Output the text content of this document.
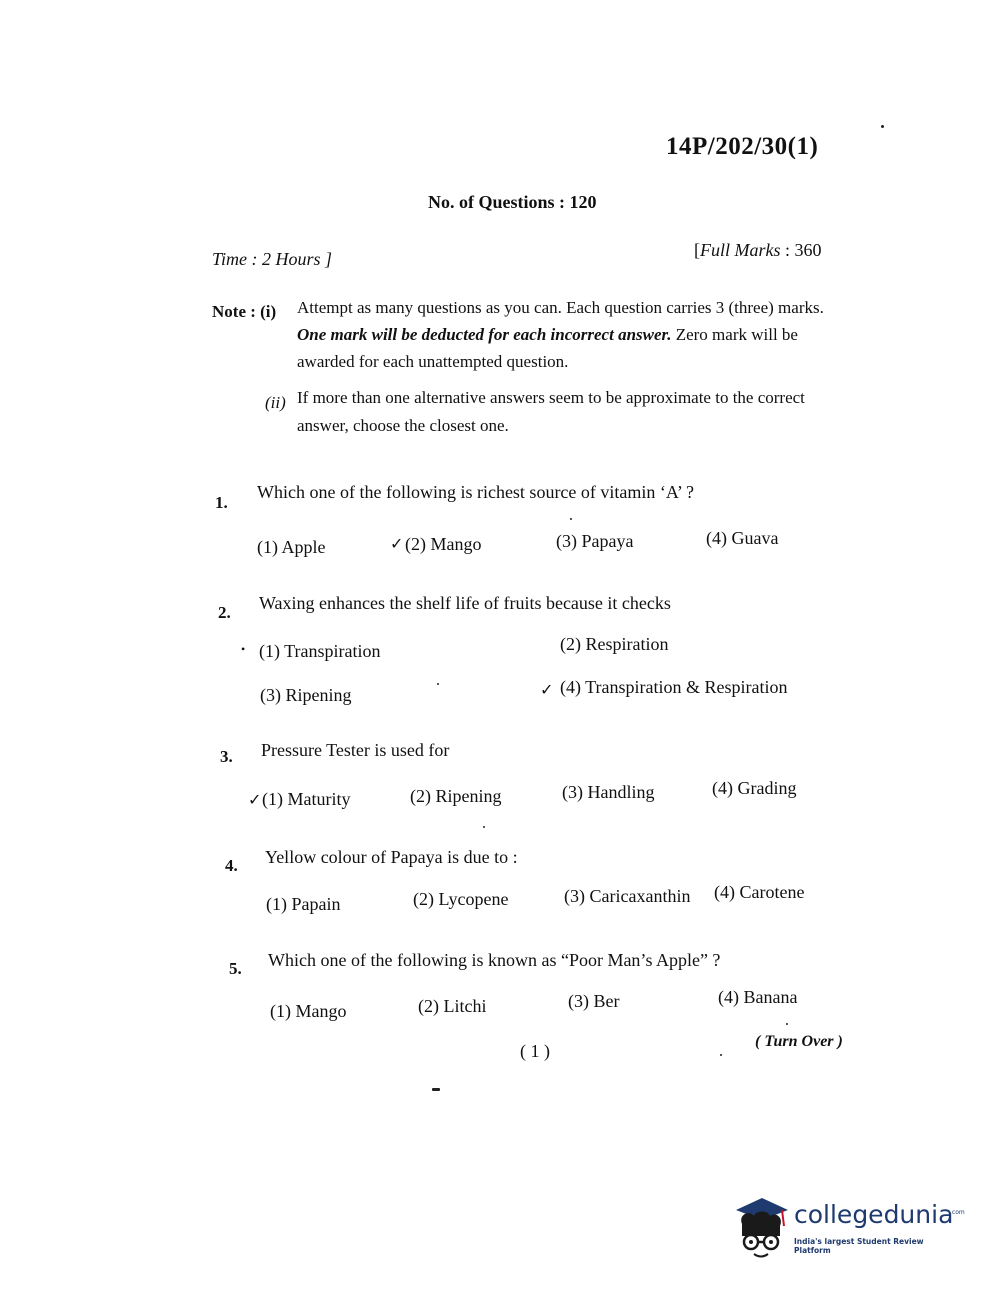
14P/202/30(1)
No. of Questions : 120
Time : 2 Hours ]	[Full Marks : 360
Note : (i) Attempt as many questions as you can. Each question carries 3 (three) marks. One mark will be deducted for each incorrect answer. Zero mark will be awarded for each unattempted question.
(ii) If more than one alternative answers seem to be approximate to the correct answer, choose the closest one.
1.
Which one of the following is richest source of vitamin ‘A’ ?
(1) Apple	(2) Mango	(3) Papaya	(4) Guava
2. Waxing enhances the shelf life of fruits because it checks
(1) Transpiration	(2) Respiration
(3) Ripening	(4) Transpiration & Respiration
3. Pressure Tester is used for
(1) Maturity	(2) Ripening	(3) Handling	(4) Grading
4. Yellow colour of Papaya is due to :
(1) Papain	(2) Lycopene	(3) Caricaxanthin (4) Carotene
5. Which one of the following is known as “Poor Man’s Apple” ?
(1) Mango	(2) Litchi	(3) Ber	(4) Banana
✓
•
✓
✓
( 1 )	( Turn Over )
collegedunia
.com
India's largest Student Review Platform
